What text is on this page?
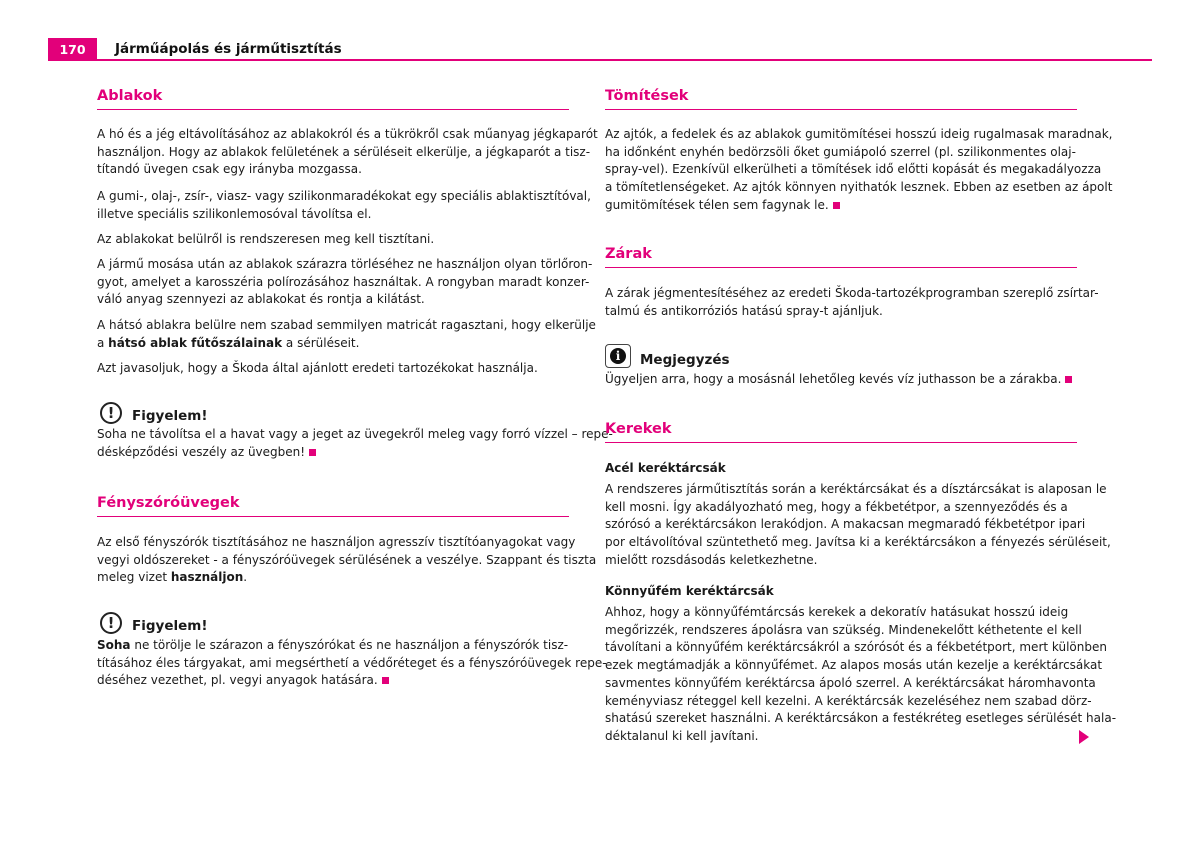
170	Járműápolás és járműtisztítás
Ablakok
A hó és a jég eltávolításához az ablakokról és a tükrökről csak műanyag jégkaparót
használjon. Hogy az ablakok felületének a sérüléseit elkerülje, a jégkaparót a tisz-
títandó üvegen csak egy irányba mozgassa.
A gumi-, olaj-, zsír-, viasz- vagy szilikonmaradékokat egy speciális ablaktisztítóval,
illetve speciális szilikonlemosóval távolítsa el.
Az ablakokat belülről is rendszeresen meg kell tisztítani.
A jármű mosása után az ablakok szárazra törléséhez ne használjon olyan törlőron-
gyot, amelyet a karosszéria polírozásához használtak. A rongyban maradt konzer-
váló anyag szennyezi az ablakokat és rontja a kilátást.
A hátsó ablakra belülre nem szabad semmilyen matricát ragasztani, hogy elkerülje
a hátsó ablak fűtőszálainak a sérüléseit.
Azt javasoljuk, hogy a Škoda által ajánlott eredeti tartozékokat használja.
!	Figyelem!
Soha ne távolítsa el a havat vagy a jeget az üvegekről meleg vagy forró vízzel – repe-
désképződési veszély az üvegben!
Fényszóróüvegek
Az első fényszórók tisztításához ne használjon agresszív tisztítóanyagokat vagy
vegyi oldószereket - a fényszóróüvegek sérülésének a veszélye. Szappant és tiszta
meleg vizet használjon.
!	Figyelem!
Soha ne törölje le szárazon a fényszórókat és ne használjon a fényszórók tisz-
tításához éles tárgyakat, ami megsérthetí a védőréteget és a fényszóróüvegek repe-
déséhez vezethet, pl. vegyi anyagok hatására.
Tömítések
Az ajtók, a fedelek és az ablakok gumitömítései hosszú ideig rugalmasak maradnak,
ha időnként enyhén bedörzsöli őket gumiápoló szerrel (pl. szilikonmentes olaj-
spray-vel). Ezenkívül elkerülheti a tömítések idő előtti kopását és megakadályozza
a tömítetlenségeket. Az ajtók könnyen nyithatók lesznek. Ebben az esetben az ápolt
gumitömítések télen sem fagynak le.
Zárak
A zárak jégmentesítéséhez az eredeti Škoda-tartozékprogramban szereplő zsírtar-
talmú és antikorróziós hatású spray-t ajánljuk.
i	Megjegyzés
Ügyeljen arra, hogy a mosásnál lehetőleg kevés víz juthasson be a zárakba.
Kerekek
Acél keréktárcsák
A rendszeres járműtisztítás során a keréktárcsákat és a dísztárcsákat is alaposan le
kell mosni. Így akadályozható meg, hogy a fékbetétpor, a szennyeződés és a
szórósó a keréktárcsákon lerakódjon. A makacsan megmaradó fékbetétpor ipari
por eltávolítóval szüntethető meg. Javítsa ki a keréktárcsákon a fényezés sérüléseit,
mielőtt rozsdásodás keletkezhetne.
Könnyűfém keréktárcsák
Ahhoz, hogy a könnyűfémtárcsás kerekek a dekoratív hatásukat hosszú ideig
megőrizzék, rendszeres ápolásra van szükség. Mindenekelőtt kéthetente el kell
távolítani a könnyűfém keréktárcsákról a szórósót és a fékbetétport, mert különben
ezek megtámadják a könnyűfémet. Az alapos mosás után kezelje a keréktárcsákat
savmentes könnyűfém keréktárcsa ápoló szerrel. A keréktárcsákat háromhavonta
keményviasz réteggel kell kezelni. A keréktárcsák kezeléséhez nem szabad dörz-
shatású szereket használni. A keréktárcsákon a festékréteg esetleges sérülését hala-
déktalanul ki kell javítani.
